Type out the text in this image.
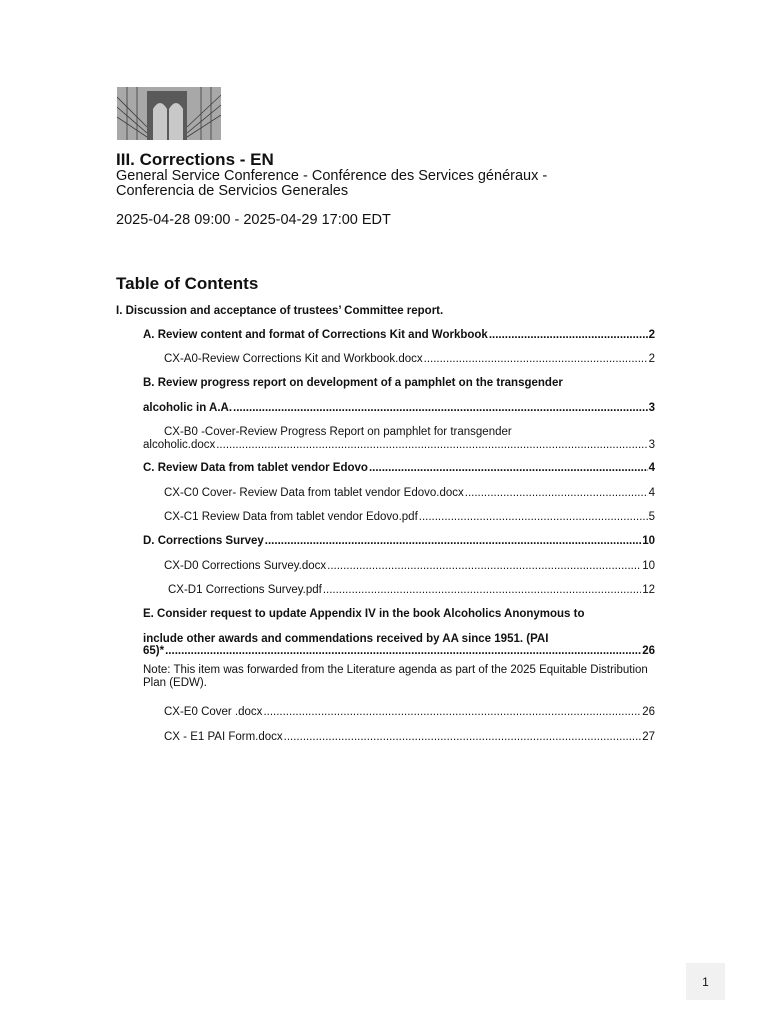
III. Corrections - EN

General Service Conference - Conférence des Services généraux - Conferencia de Servicios Generales

2025-04-28 09:00 - 2025-04-29 17:00 EDT

Table of Contents
I. Discussion and acceptance of trustees’ Committee report.
A. Review content and format of Corrections Kit and Workbook .....	2
CX-A0-Review Corrections Kit and Workbook.docx .....	2
B. Review progress report on development of a pamphlet on the transgender
alcoholic in A.A. .....	3
CX-B0 -Cover-Review Progress Report on pamphlet for transgender
alcoholic.docx .....	3
C. Review Data from tablet vendor Edovo .....	4
CX-C0 Cover- Review Data from tablet vendor Edovo.docx .....	4
CX-C1 Review Data from tablet vendor Edovo.pdf .....	5
D. Corrections Survey .....	10
CX-D0 Corrections Survey.docx .....	10
CX-D1 Corrections Survey.pdf .....	12
E. Consider request to update Appendix IV in the book Alcoholics Anonymous to
include other awards and commendations received by AA since 1951. (PAI
65)* .....	26
Note: This item was forwarded from the Literature agenda as part of the 2025 Equitable Distribution Plan (EDW).
CX-E0 Cover .docx .....	26
CX - E1 PAI Form.docx .....	27
1
